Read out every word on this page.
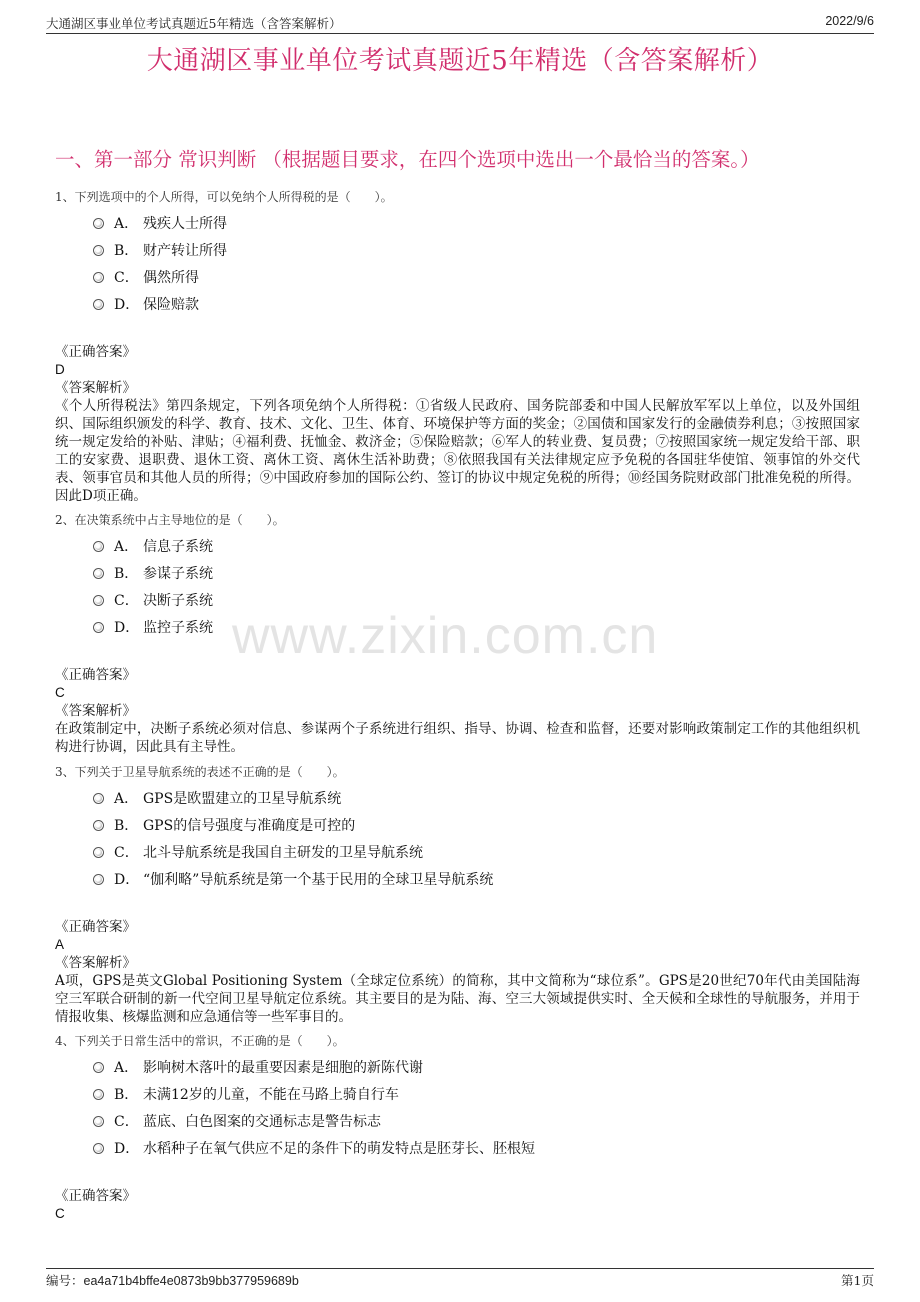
大通湖区事业单位考试真题近5年精选（含答案解析）	2022/9/6
大通湖区事业单位考试真题近5年精选（含答案解析）
一、第一部分 常识判断 （根据题目要求，在四个选项中选出一个最恰当的答案。）
www.zixin.com.cn
1、下列选项中的个人所得，可以免纳个人所得税的是（　　）。
A． 残疾人士所得
B． 财产转让所得
C． 偶然所得
D． 保险赔款
《正确答案》
D
《答案解析》
《个人所得税法》第四条规定，下列各项免纳个人所得税：①省级人民政府、国务院部委和中国人民解放军军以上单位，以及外国组织、国际组织颁发的科学、教育、技术、文化、卫生、体育、环境保护等方面的奖金；②国债和国家发行的金融债券利息；③按照国家统一规定发给的补贴、津贴；④福利费、抚恤金、救济金；⑤保险赔款；⑥军人的转业费、复员费；⑦按照国家统一规定发给干部、职工的安家费、退职费、退休工资、离休工资、离休生活补助费；⑧依照我国有关法律规定应予免税的各国驻华使馆、领事馆的外交代表、领事官员和其他人员的所得；⑨中国政府参加的国际公约、签订的协议中规定免税的所得；⑩经国务院财政部门批准免税的所得。因此D项正确。
2、在决策系统中占主导地位的是（　　）。
A． 信息子系统
B． 参谋子系统
C． 决断子系统
D． 监控子系统
《正确答案》
C
《答案解析》
在政策制定中，决断子系统必须对信息、参谋两个子系统进行组织、指导、协调、检查和监督，还要对影响政策制定工作的其他组织机构进行协调，因此具有主导性。
3、下列关于卫星导航系统的表述不正确的是（　　）。
A． GPS是欧盟建立的卫星导航系统
B． GPS的信号强度与准确度是可控的
C． 北斗导航系统是我国自主研发的卫星导航系统
D． “伽利略”导航系统是第一个基于民用的全球卫星导航系统
《正确答案》
A
《答案解析》
A项，GPS是英文Global Positioning System（全球定位系统）的简称，其中文简称为“球位系”。GPS是20世纪70年代由美国陆海空三军联合研制的新一代空间卫星导航定位系统。其主要目的是为陆、海、空三大领域提供实时、全天候和全球性的导航服务，并用于情报收集、核爆监测和应急通信等一些军事目的。
4、下列关于日常生活中的常识，不正确的是（　　）。
A． 影响树木落叶的最重要因素是细胞的新陈代谢
B． 未满12岁的儿童，不能在马路上骑自行车
C． 蓝底、白色图案的交通标志是警告标志
D． 水稻种子在氧气供应不足的条件下的萌发特点是胚芽长、胚根短
《正确答案》
C
编号：ea4a71b4bffe4e0873b9bb377959689b	第1页
